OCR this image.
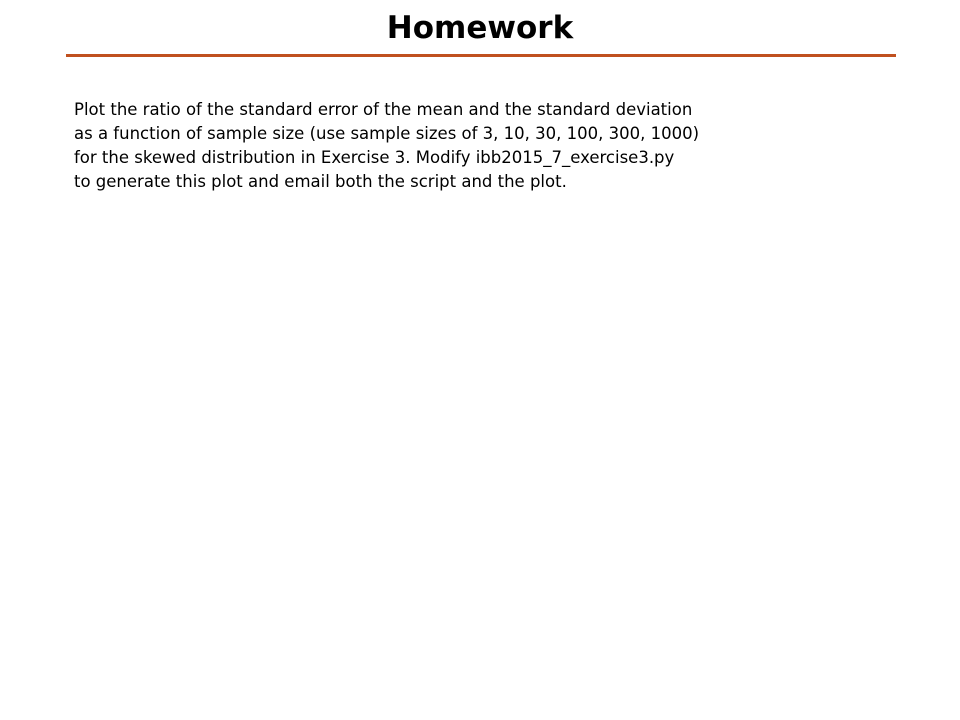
Homework
Plot the ratio of the standard error of the mean and the standard deviation
as a function of sample size (use sample sizes of 3, 10, 30, 100, 300, 1000)
for the skewed distribution in Exercise 3. Modify ibb2015_7_exercise3.py
to generate this plot and email both the script and the plot.
